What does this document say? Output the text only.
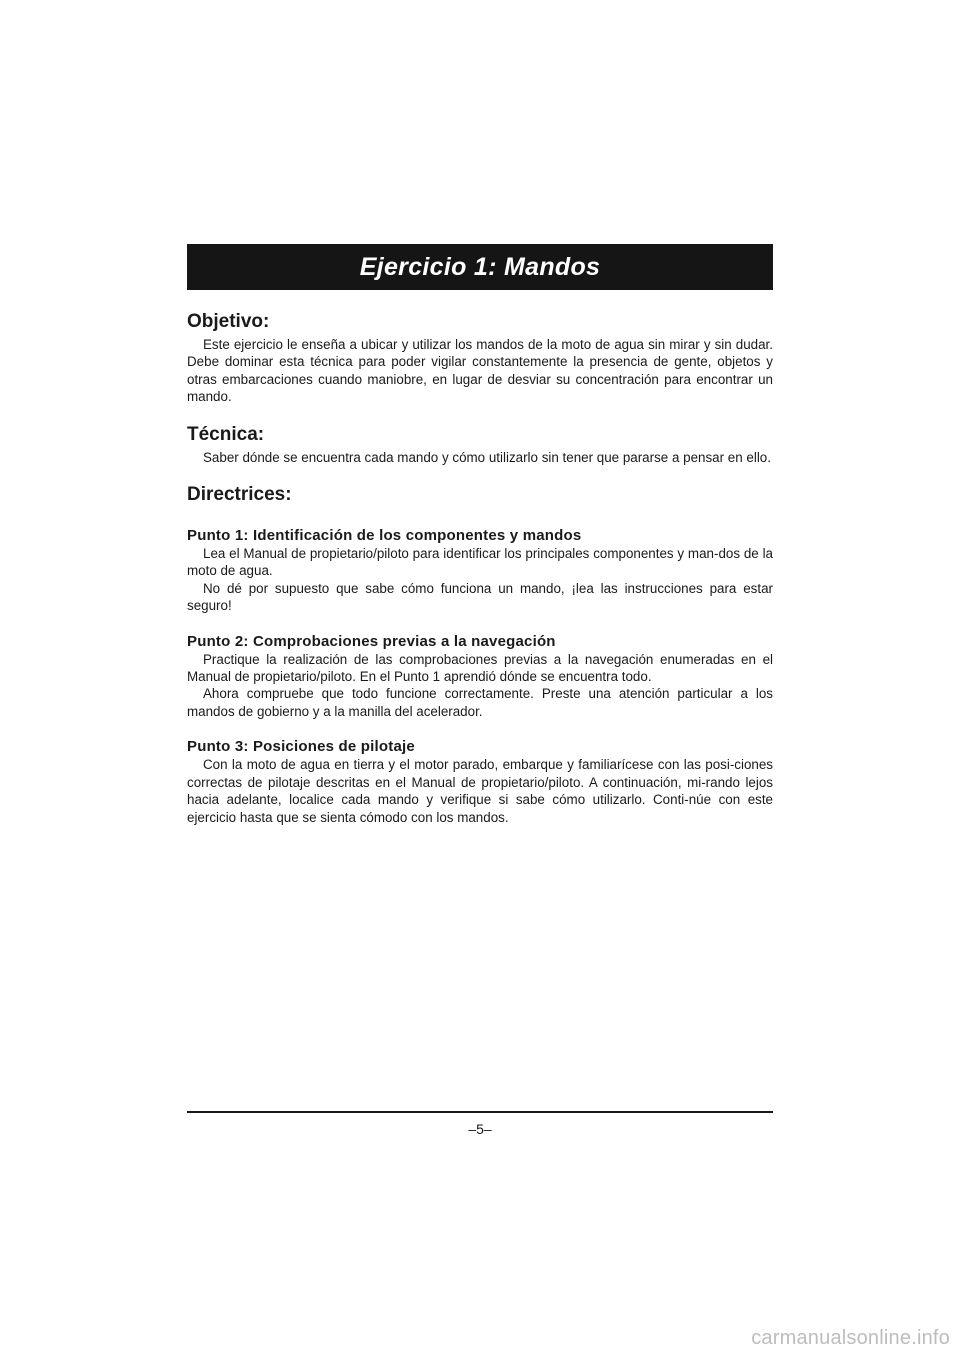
Ejercicio 1: Mandos
Objetivo:

Este ejercicio le enseña a ubicar y utilizar los mandos de la moto de agua sin mirar y sin dudar. Debe dominar esta técnica para poder vigilar constantemente la presencia de gente, objetos y otras embarcaciones cuando maniobre, en lugar de desviar su concentración para encontrar un mando.

Técnica:

Saber dónde se encuentra cada mando y cómo utilizarlo sin tener que pararse a pensar en ello.

Directrices:
Punto 1: Identificación de los componentes y mandos

Lea el Manual de propietario/piloto para identificar los principales componentes y man-dos de la moto de agua.

No dé por supuesto que sabe cómo funciona un mando, ¡lea las instrucciones para estar seguro!

Punto 2: Comprobaciones previas a la navegación

Practique la realización de las comprobaciones previas a la navegación enumeradas en el Manual de propietario/piloto. En el Punto 1 aprendió dónde se encuentra todo.

Ahora compruebe que todo funcione correctamente. Preste una atención particular a los mandos de gobierno y a la manilla del acelerador.

Punto 3: Posiciones de pilotaje

Con la moto de agua en tierra y el motor parado, embarque y familiarícese con las posi-ciones correctas de pilotaje descritas en el Manual de propietario/piloto. A continuación, mi-rando lejos hacia adelante, localice cada mando y verifique si sabe cómo utilizarlo. Conti-núe con este ejercicio hasta que se sienta cómodo con los mandos.

–5–
carmanualsonline.info
